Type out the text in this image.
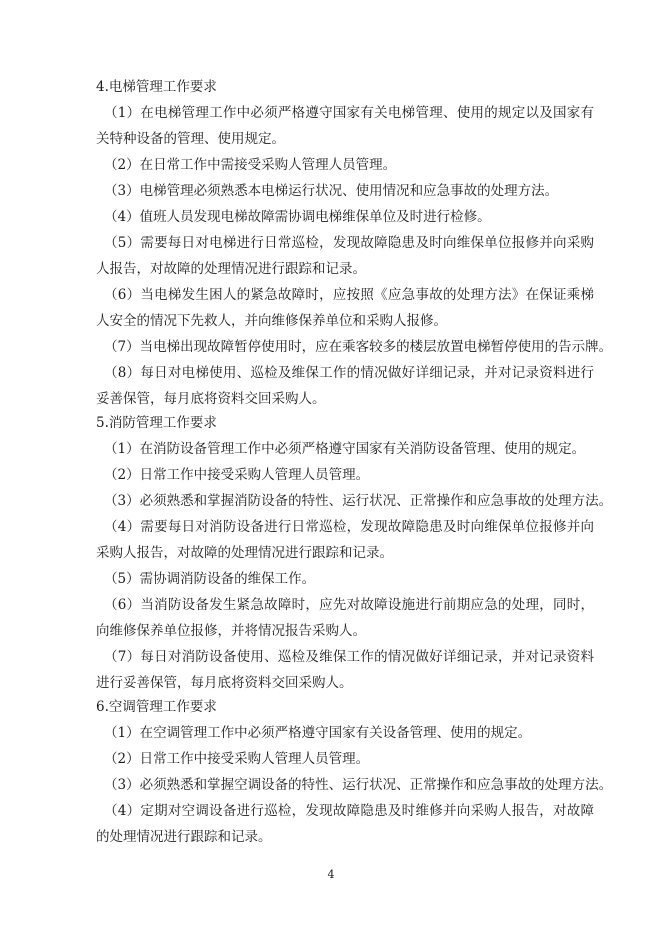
4.电梯管理工作要求

（1）在电梯管理工作中必须严格遵守国家有关电梯管理、使用的规定以及国家有关特种设备的管理、使用规定。

（2）在日常工作中需接受采购人管理人员管理。

（3）电梯管理必须熟悉本电梯运行状况、使用情况和应急事故的处理方法。

（4）值班人员发现电梯故障需协调电梯维保单位及时进行检修。

（5）需要每日对电梯进行日常巡检，发现故障隐患及时向维保单位报修并向采购人报告，对故障的处理情况进行跟踪和记录。

（6）当电梯发生困人的紧急故障时，应按照《应急事故的处理方法》在保证乘梯人安全的情况下先救人，并向维修保养单位和采购人报修。

（7）当电梯出现故障暂停使用时，应在乘客较多的楼层放置电梯暂停使用的告示牌。

（8）每日对电梯使用、巡检及维保工作的情况做好详细记录，并对记录资料进行妥善保管，每月底将资料交回采购人。

5.消防管理工作要求

（1）在消防设备管理工作中必须严格遵守国家有关消防设备管理、使用的规定。

（2）日常工作中接受采购人管理人员管理。

（3）必须熟悉和掌握消防设备的特性、运行状况、正常操作和应急事故的处理方法。

（4）需要每日对消防设备进行日常巡检，发现故障隐患及时向维保单位报修并向采购人报告，对故障的处理情况进行跟踪和记录。

（5）需协调消防设备的维保工作。

（6）当消防设备发生紧急故障时，应先对故障设施进行前期应急的处理，同时，向维修保养单位报修，并将情况报告采购人。

（7）每日对消防设备使用、巡检及维保工作的情况做好详细记录，并对记录资料进行妥善保管，每月底将资料交回采购人。

6.空调管理工作要求

（1）在空调管理工作中必须严格遵守国家有关设备管理、使用的规定。

（2）日常工作中接受采购人管理人员管理。

（3）必须熟悉和掌握空调设备的特性、运行状况、正常操作和应急事故的处理方法。

（4）定期对空调设备进行巡检，发现故障隐患及时维修并向采购人报告，对故障的处理情况进行跟踪和记录。

4
